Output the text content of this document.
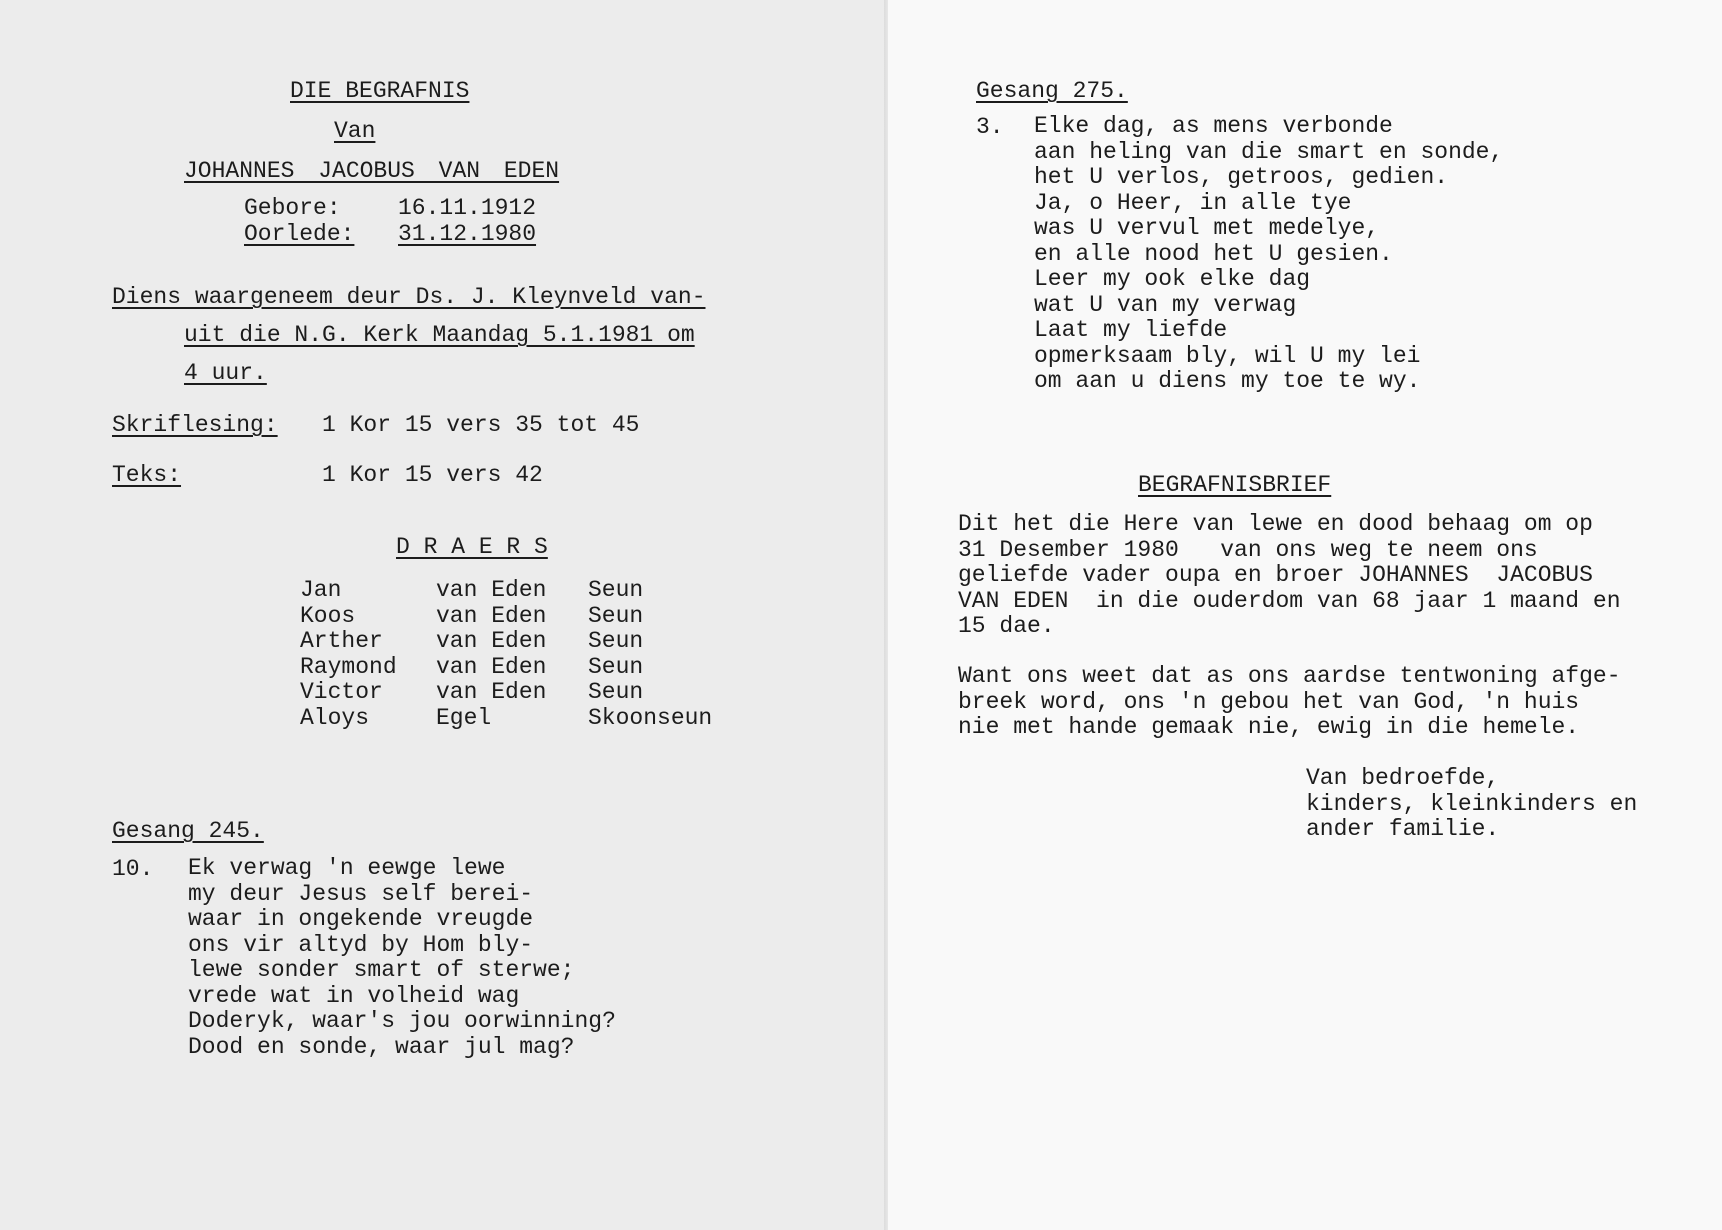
DIE BEGRAFNIS
Van
JOHANNES JACOBUS VAN EDEN
Gebore: 16.11.1912
Oorlede: 31.12.1980
Diens waargeneem deur Ds. J. Kleynveld van-
uit die N.G. Kerk Maandag 5.1.1981 om
4 uur.
Skriflesing: 1 Kor 15 vers 35 tot 45
Teks:	1 Kor 15 vers 42
D R A E R S
Jan	van Eden	Seun
Koos	van Eden	Seun
Arther	van Eden	Seun
Raymond	van Eden	Seun
Victor	van Eden	Seun
Aloys	Egel	Skoonseun
Gesang 245.
10. Ek verwag 'n eewge lewe
my deur Jesus self berei-
waar in ongekende vreugde
ons vir altyd by Hom bly-
lewe sonder smart of sterwe;
vrede wat in volheid wag
Doderyk, waar's jou oorwinning?
Dood en sonde, waar jul mag?
Gesang 275.
3. Elke dag, as mens verbonde
aan heling van die smart en sonde,
het U verlos, getroos, gedien.
Ja, o Heer, in alle tye
was U vervul met medelye,
en alle nood het U gesien.
Leer my ook elke dag
wat U van my verwag
Laat my liefde
opmerksaam bly, wil U my lei
om aan u diens my toe te wy.
BEGRAFNISBRIEF
Dit het die Here van lewe en dood behaag om op
31 Desember 1980   van ons weg te neem ons
geliefde vader oupa en broer JOHANNES  JACOBUS
VAN EDEN  in die ouderdom van 68 jaar 1 maand en
15 dae.
Want ons weet dat as ons aardse tentwoning afge-
breek word, ons 'n gebou het van God, 'n huis
nie met hande gemaak nie, ewig in die hemele.
Van bedroefde,
kinders, kleinkinders en
ander familie.
